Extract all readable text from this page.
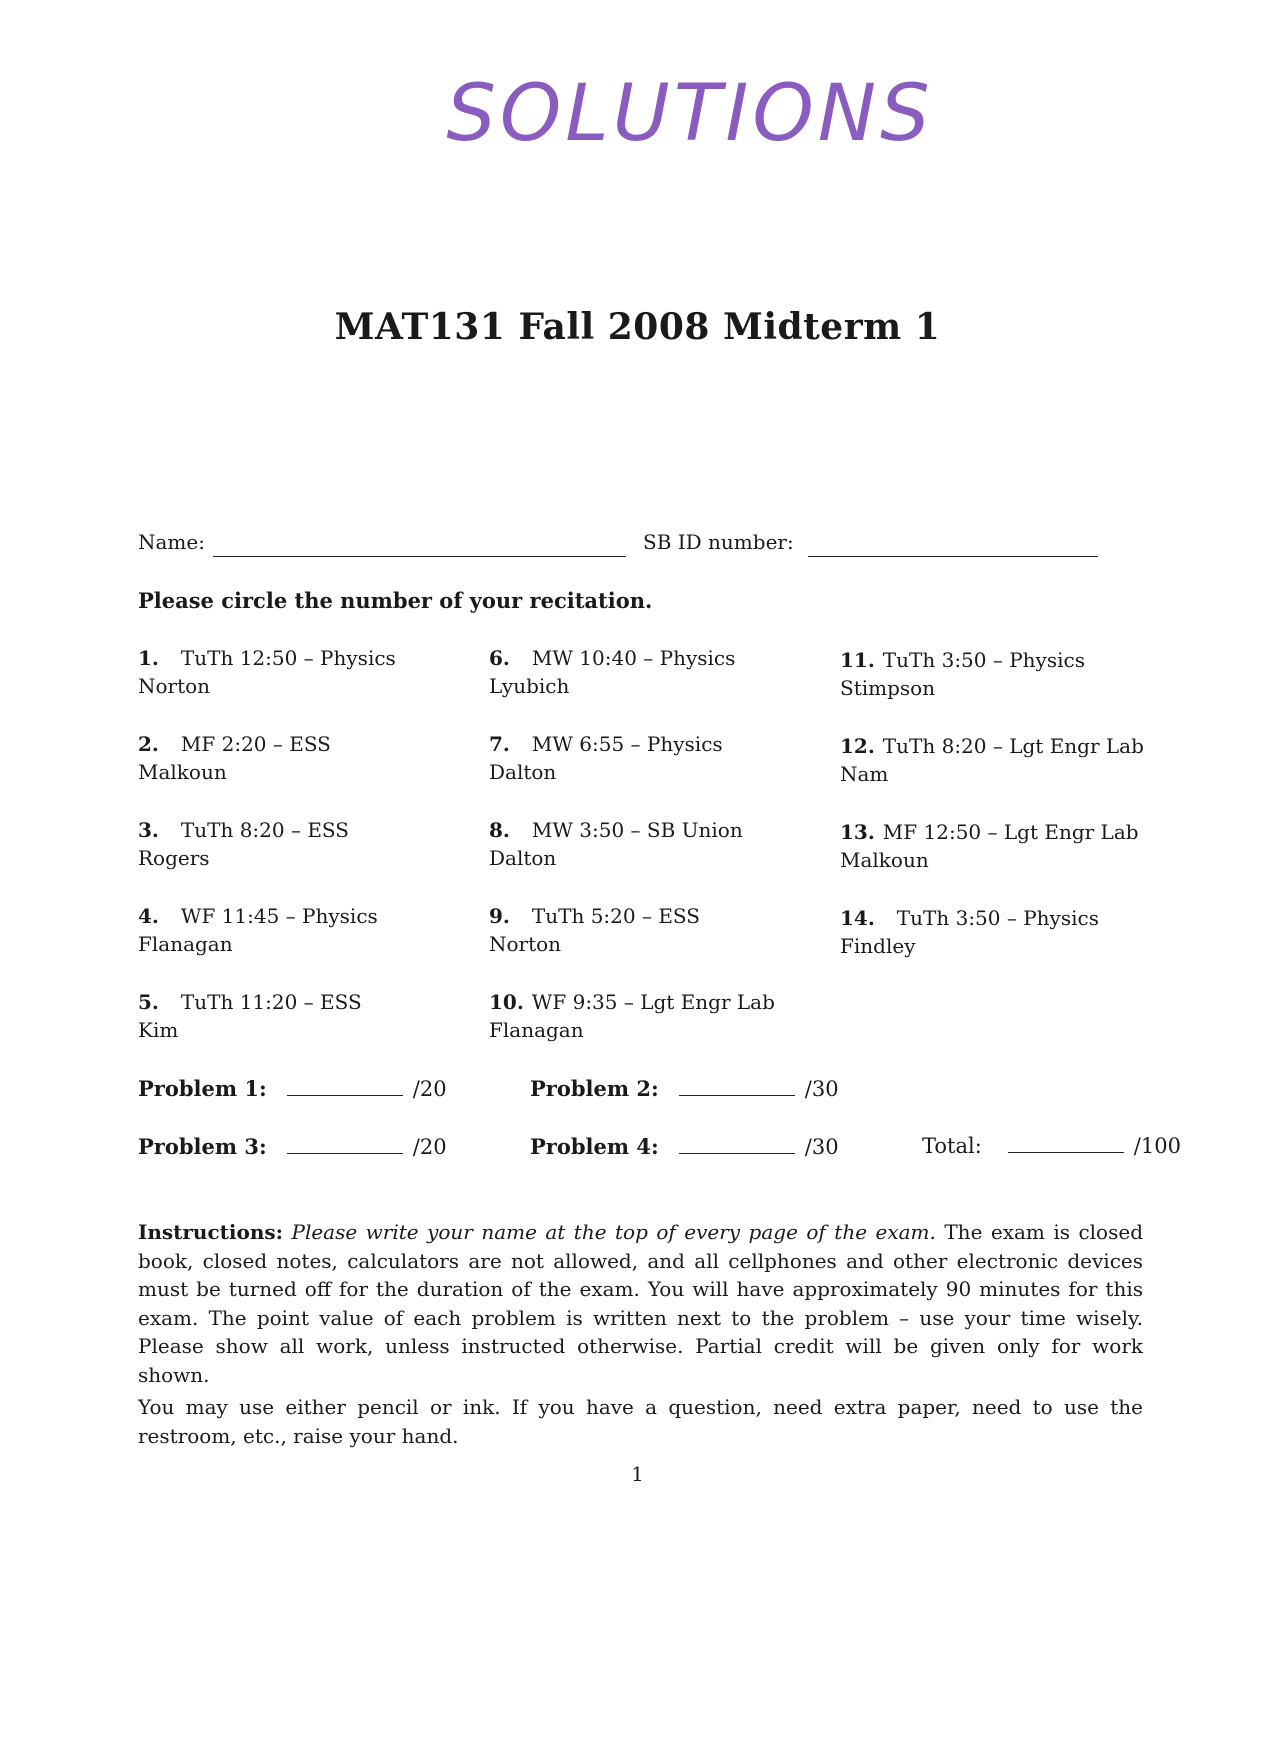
SOLUTIONS
MAT131 Fall 2008 Midterm 1
Name:	SB ID number:
Please circle the number of your recitation.
1. TuTh 12:50 – Physics
Norton
2. MF 2:20 – ESS
Malkoun
3. TuTh 8:20 – ESS
Rogers
4. WF 11:45 – Physics
Flanagan
5. TuTh 11:20 – ESS
Kim
6. MW 10:40 – Physics
Lyubich
7. MW 6:55 – Physics
Dalton
8. MW 3:50 – SB Union
Dalton
9. TuTh 5:20 – ESS
Norton
10. WF 9:35 – Lgt Engr Lab
Flanagan
11. TuTh 3:50 – Physics
Stimpson
12. TuTh 8:20 – Lgt Engr Lab
Nam
13. MF 12:50 – Lgt Engr Lab
Malkoun
14. TuTh 3:50 – Physics
Findley
Problem 1:	/20	Problem 2:	/30
Problem 3:	/20	Problem 4:	/30	Total:	/100

Instructions: Please write your name at the top of every page of the exam. The exam is closed book, closed notes, calculators are not allowed, and all cellphones and other electronic devices must be turned off for the duration of the exam. You will have approximately 90 minutes for this exam. The point value of each problem is written next to the problem – use your time wisely. Please show all work, unless instructed otherwise. Partial credit will be given only for work shown.

You may use either pencil or ink. If you have a question, need extra paper, need to use the restroom, etc., raise your hand.

1
